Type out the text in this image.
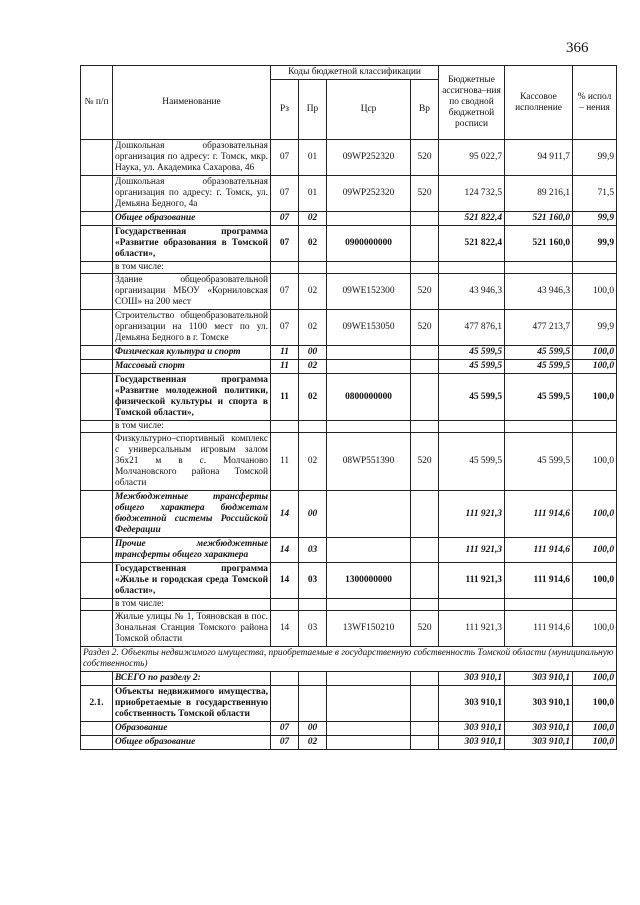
366
№ п/п	Наименование	Коды бюджетной классификации				Бюджетные ассигнова–ния по сводной бюджетной росписи	Кассовое исполнение	% испол – нения
		Рз	Пр	Цср	Вр			
	Дошкольная образовательная организация по адресу: г. Томск, мкр. Наука, ул. Академика Сахарова, 46	07	01	09WP252320	520	95 022,7	94 911,7	99,9
	Дошкольная образовательная организация по адресу: г. Томск, ул. Демьяна Бедного, 4а	07	01	09WP252320	520	124 732,5	89 216,1	71,5
	Общее образование	07	02			521 822,4	521 160,0	99,9
	Государственная программа «Развитие образования в Томской области»,	07	02	0900000000		521 822,4	521 160,0	99,9
	в том числе:							
	Здание общеобразовательной организации МБОУ «Корниловская СОШ» на 200 мест	07	02	09WE152300	520	43 946,3	43 946,3	100,0
	Строительство общеобразовательной организации на 1100 мест по ул. Демьяна Бедного в г. Томске	07	02	09WE153050	520	477 876,1	477 213,7	99,9
	Физическая культура и спорт	11	00			45 599,5	45 599,5	100,0
	Массовый спорт	11	02			45 599,5	45 599,5	100,0
	Государственная программа «Развитие молодежной политики, физической культуры и спорта в Томской области»,	11	02	0800000000		45 599,5	45 599,5	100,0
	в том числе:							
	Физкультурно–спортивный комплекс с универсальным игровым залом 36х21 м в с. Молчаново Молчановского района Томской области	11	02	08WP551390	520	45 599,5	45 599,5	100,0
	Межбюджетные трансферты общего характера бюджетам бюджетной системы Российской Федерации	14	00			111 921,3	111 914,6	100,0
	Прочие межбюджетные трансферты общего характера	14	03			111 921,3	111 914,6	100,0
	Государственная программа «Жилье и городская среда Томской области»,	14	03	1300000000		111 921,3	111 914,6	100,0
	в том числе:							
	Жилые улицы № 1, Тояновская в пос. Зональная Станция Томского района Томской области	14	03	13WF150210	520	111 921,3	111 914,6	100,0
Раздел 2. Объекты недвижимого имущества, приобретаемые в государственную собственность Томской области (муниципальную собственность)								
	ВСЕГО по разделу 2:					303 910,1	303 910,1	100,0
2.1.	Объекты недвижимого имущества, приобретаемые в государственную собственность Томской области					303 910,1	303 910,1	100,0
	Образование	07	00			303 910,1	303 910,1	100,0
	Общее образование	07	02			303 910,1	303 910,1	100,0
